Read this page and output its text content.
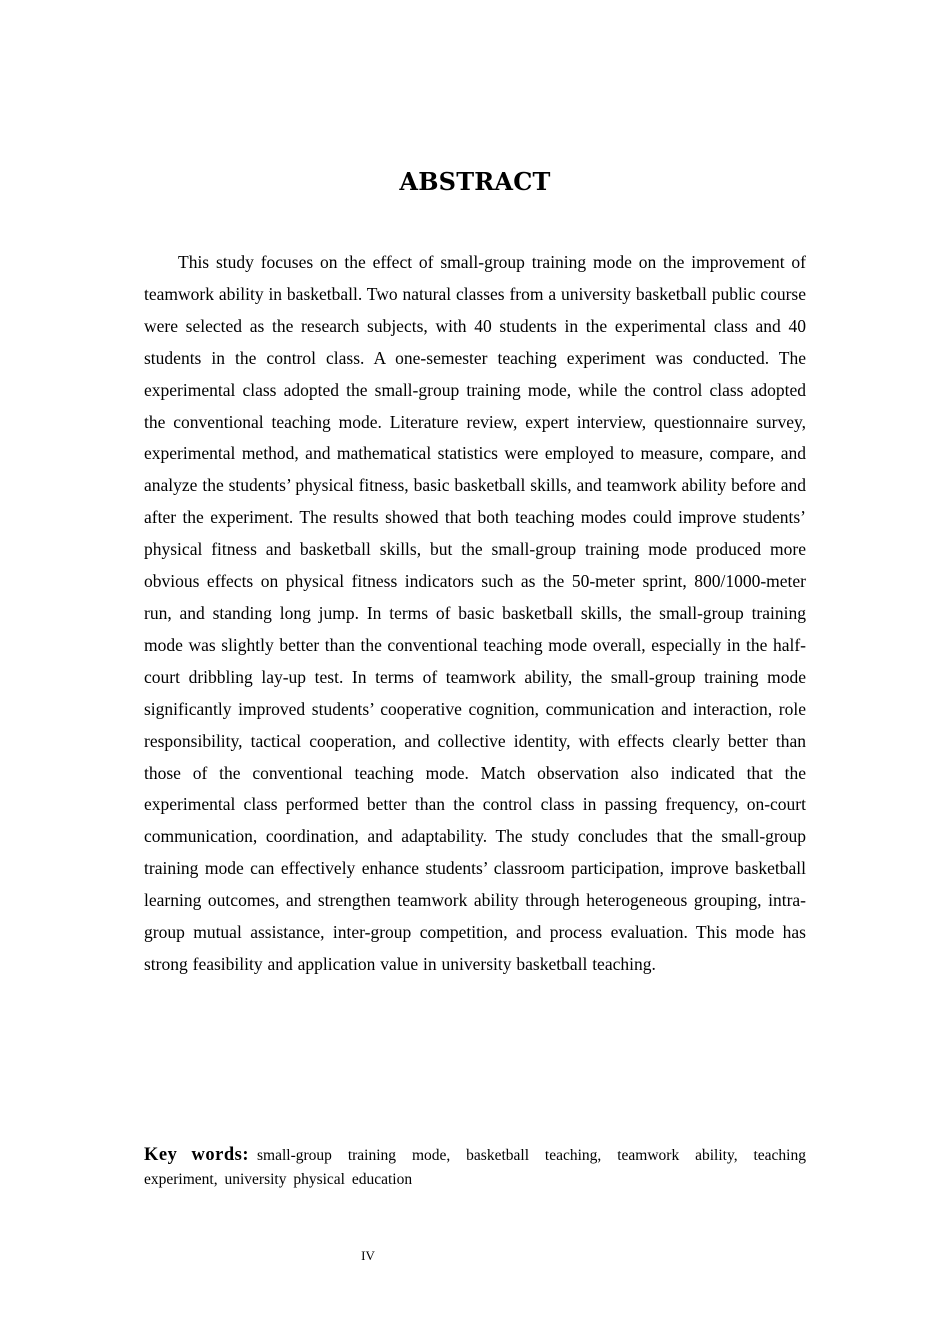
ABSTRACT

This study focuses on the effect of small-group training mode on the improvement of teamwork ability in basketball. Two natural classes from a university basketball public course were selected as the research subjects, with 40 students in the experimental class and 40 students in the control class. A one-semester teaching experiment was conducted. The experimental class adopted the small-group training mode, while the control class adopted the conventional teaching mode. Literature review, expert interview, questionnaire survey, experimental method, and mathematical statistics were employed to measure, compare, and analyze the students’ physical fitness, basic basketball skills, and teamwork ability before and after the experiment. The results showed that both teaching modes could improve students’ physical fitness and basketball skills, but the small-group training mode produced more obvious effects on physical fitness indicators such as the 50-meter sprint, 800/1000-meter run, and standing long jump. In terms of basic basketball skills, the small-group training mode was slightly better than the conventional teaching mode overall, especially in the half-court dribbling lay-up test. In terms of teamwork ability, the small-group training mode significantly improved students’ cooperative cognition, communication and interaction, role responsibility, tactical cooperation, and collective identity, with effects clearly better than those of the conventional teaching mode. Match observation also indicated that the experimental class performed better than the control class in passing frequency, on-court communication, coordination, and adaptability. The study concludes that the small-group training mode can effectively enhance students’ classroom participation, improve basketball learning outcomes, and strengthen teamwork ability through heterogeneous grouping, intra-group mutual assistance, inter-group competition, and process evaluation. This mode has strong feasibility and application value in university basketball teaching.

Key words: small-group training mode, basketball teaching, teamwork ability, teaching experiment, university physical education

IV
